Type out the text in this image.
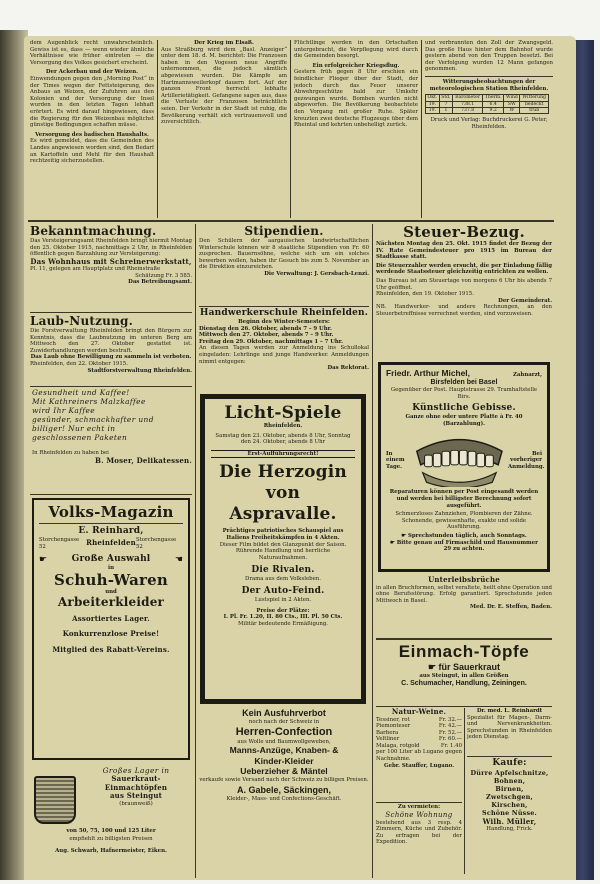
dem Augenblick recht unwahrscheinlich. Gewiss ist es, dass — wenn wieder ähnliche Verhältnisse wie früher eintreten — die Versorgung des Volkes gesichert erscheint.

Der Ackerbau und der Weizen.

Einwendungen gegen den „Morning Post“ in der Times wegen der Fettsteigerung, des Anbaus an Weizen, der Zufuhren aus den Kolonien und der Versorgung der Insel wurden in den letzten Tagen lebhaft erörtert. Es wird darauf hingewiesen, dass die Regierung für den Weizenbau möglichst günstige Bedingungen schaffen müsse.

Versorgung des badischen Haushalts.

Es wird gemeldet, dass die Gemeinden des Landes angewiesen worden sind, den Bedarf an Kartoffeln und Mehl für den Haushalt rechtzeitig sicherzustellen.

Der Krieg im Elsaß.

Aus Straßburg wird dem „Basl. Anzeiger“ unter dem 18. d. M. berichtet: Die Franzosen haben in den Vogesen neue Angriffe unternommen, die jedoch sämtlich abgewiesen wurden. Die Kämpfe am Hartmannsweilerkopf dauern fort. Auf der ganzen Front herrscht lebhafte Artillerietätigkeit. Gefangene sagen aus, dass die Verluste der Franzosen beträchtlich seien. Der Verkehr in der Stadt ist ruhig, die Bevölkerung verhält sich vertrauensvoll und zuversichtlich.

Flüchtlinge werden in den Ortschaften untergebracht, die Verpflegung wird durch die Gemeinden besorgt.

Ein erfolgreicher Kriegsflug.

Gestern früh gegen 8 Uhr erschien ein feindlicher Flieger über der Stadt, der jedoch durch das Feuer unserer Abwehrgeschütze bald zur Umkehr gezwungen wurde. Bomben wurden nicht abgeworfen. Die Bevölkerung beobachtete den Vorgang mit großer Ruhe. Später kreuzten zwei deutsche Flugzeuge über dem Rheintal und kehrten unbehelligt zurück.

und verbrannten den Zoll der Zwangsgeld. Das große Haus hinter dem Bahnhof wurde gestern abend von den Truppen besetzt. Bei der Verfolgung wurden 12 Mann gefangen genommen.

Witterungsbeobachtungen der meteorologischen Station Rheinfelden.

Okt.	Std.	Barometer	Therm.	Wind	Witterung
19.	7	738.1	6.4	SW	bedeckt
19.	1	737.8	9.2	W	trüb

Druck und Verlag: Buchdruckerei G. Peter, Rheinfelden.

Bekanntmachung.

Das Versteigerungsamt Rheinfelden bringt hiermit Montag den 25. Oktober 1915, nachmittags 2 Uhr, in Rheinfelden öffentlich gegen Barzahlung zur Versteigerung:

Das Wohnhaus mit Schreinerwerkstatt,

Pl. 11, gelegen am Hauptplatz und Rheinstraße

Schätzung Fr. 3 585.

Das Betreibungsamt.

Laub-Nutzung.

Die Forstverwaltung Rheinfelden bringt den Bürgern zur Kenntnis, dass die Laubnutzung im unteren Berg am Mittwoch den 27. Oktober gestattet ist. Zuwiderhandlungen werden bestraft.

Das Laub ohne Bewilligung zu sammeln ist verboten.

Rheinfelden, den 22. Oktober 1915.

Stadtforstverwaltung Rheinfelden.

Gesundheit und Kaffee!

Mit Kathreiners Malzkaffee

wird Ihr Kaffee

gesünder, schmackhafter und

billiger! Nur echt in

geschlossenen Paketen

In Rheinfelden zu haben bei

B. Moser, Delikatessen.

Volks-Magazin

E. Reinhard,

Storchengasse 52	Rheinfelden Storchengasse 52
☛	Große Auswahl	☚

in

Schuh-Waren

und

Arbeiterkleider

Assortiertes Lager.

Konkurrenzlose Preise!

Mitglied des Rabatt-Vereins.

Großes Lager in

Sauerkraut-Einmachtöpfen

aus Steingut

(braunweiß)

von 50, 75, 100 und 125 Liter

empfiehlt zu billigsten Preisen

Aug. Schwarb, Hafnermeister, Eiken.

Stipendien.

Den Schülern der aargauischen landwirtschaftlichen Winterschule können wir 8 staatliche Stipendien von Fr. 60 zusprechen. Bauernsöhne, welche sich um ein solches bewerben wollen, haben ihr Gesuch bis zum 5. November an die Direktion einzureichen.

Die Verwaltung: J. Gersbach-Lenzi.

Handwerkerschule Rheinfelden.

Beginn des Winter-Semesters:

Dienstag den 26. Oktober, abends 7 – 9 Uhr.

Mittwoch den 27. Oktober, abends 7 – 9 Uhr.

Freitag den 29. Oktober, nachmittags 1 – 7 Uhr.

An diesen Tagen werden zur Anmeldung ins Schullokal eingeladen: Lehrlinge und junge Handwerker. Anmeldungen nimmt entgegen:

Das Rektorat.

Licht-Spiele

Rheinfelden.

Samstag den 23. Oktober, abends 8 Uhr, Sonntag den 24. Oktober, abends 8 Uhr

Erst-Aufführungsrecht!

Die Herzogin

von Aspravalle.

Prächtiges patriotisches Schauspiel aus Italiens Freiheitskämpfen in 4 Akten.

Dieser Film bildet den Glanzpunkt der Saison. Rührende Handlung und herrliche Naturaufnahmen.

Die Rivalen.

Drama aus dem Volksleben.

Der Auto-Feind.

Lustspiel in 2 Akten.

Preise der Plätze:

I. Pl. Fr. 1.20, II. 80 Cts., III. Pl. 50 Cts.

Militär bedeutende Ermäßigung.

Kein Ausfuhrverbot

noch nach der Schweiz in

Herren-Confection

aus Wolle und Baumwollgeweben,

Manns-Anzüge, Knaben- &

Kinder-Kleider

Ueberzieher & Mäntel

verkaufe sowie Versand nach der Schweiz zu billigen Preisen.

A. Gabele, Säckingen,

Kleider-, Mass- und Confections-Geschäft.

Steuer-Bezug.

Nächsten Montag den 25. Okt. 1915 findet der Bezug der IV. Rate Gemeindesteuer pro 1915 im Bureau der Stadtkasse statt.

Die Steuerzahler werden ersucht, die per Einladung fällig werdende Staatssteuer gleichzeitig entrichten zu wollen.

Das Bureau ist am Steuertage von morgens 6 Uhr bis abends 7 Uhr geöffnet.

Rheinfelden, den 19. Oktober 1915.

Der Gemeinderat.

NB. Handwerker- und andere Rechnungen, an den Steuerbetreffnisse verrechnet werden, sind vorzuweisen.

Friedr. Arthur Michel,	Zahnarzt,

Birsfelden bei Basel

Gegenüber der Post. Hauptstrasse 29. Tramhaltstelle Birs.

Künstliche Gebisse.

Ganze ohne oder untere Platte à Fr. 40 (Barzahlung).

In

einem

Tage.

Bei

vorheriger

Anmeldung.

Reparaturen können per Post eingesandt werden und werden bei billigster Berechnung sofort ausgeführt.

Schmerzloses Zahnziehen, Plombieren der Zähne. Schonende, gewissenhafte, exakte und solide Ausführung.

☛ Sprechstunden täglich, auch Sonntags.

☛ Bitte genau auf Firmaschild und Hausnummer 29 zu achten.

Unterleibsbrüche

in allen Bruchformen, selbst veraltete, heilt ohne Operation und ohne Berufsstörung. Erfolg garantiert. Sprechstunde jeden Mittwoch in Basel.

Med. Dr. E. Steffen, Baden.

Einmach-Töpfe

☛ für Sauerkraut

aus Steingut, in allen Größen

C. Schumacher, Handlung, Zeiningen.

Natur-Weine.

Tessiner, rot	Fr. 32.—
Piemonteser	Fr. 42.—
Barbera	Fr. 52.—
Veltliner	Fr. 60.—
Malaga, rotgold	Fr. 1.40

per 100 Liter ab Lugano gegen Nachnahme.

Gebr. Stauffer, Lugano.

Dr. med. L. Reinhardt

Spezialist für Magen-, Darm- und Nervenkrankheiten. Sprechstunden in Rheinfelden jeden Dienstag.

Kaufe:

Dürre Apfelschnitze,

Bohnen,

Birnen,

Zwetschgen,

Kirschen,

Schöne Nüsse.

Wilh. Müller,

Handlung, Frick.

Zu vermieten:

Schöne Wohnung

bestehend aus 3 resp. 4 Zimmern, Küche und Zubehör. Zu erfragen bei der Expedition.
